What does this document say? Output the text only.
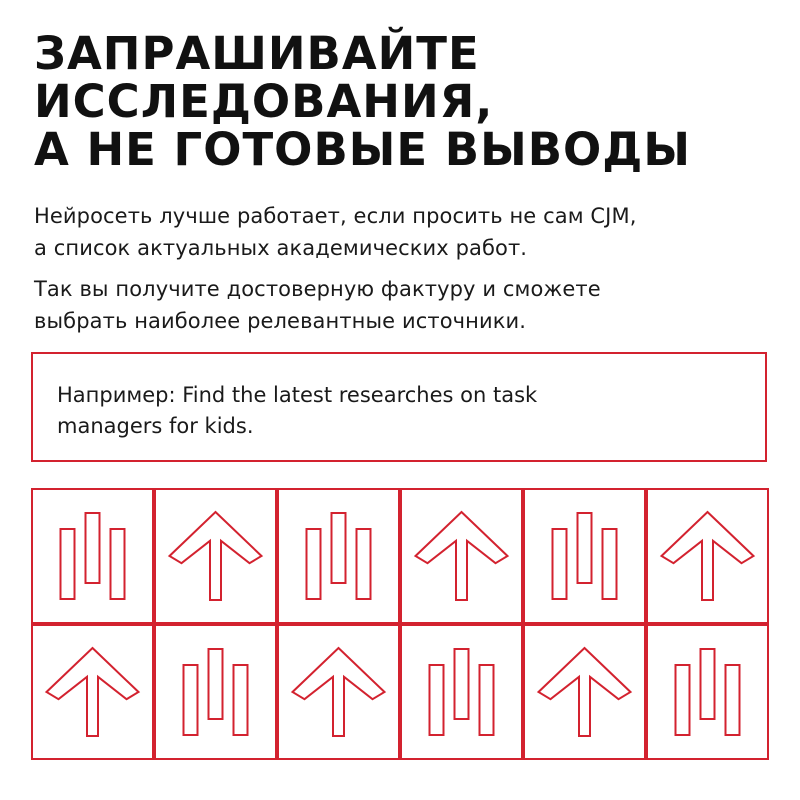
ЗАПРАШИВАЙТЕ
ИССЛЕДОВАНИЯ,
А НЕ ГОТОВЫЕ ВЫВОДЫ
Нейросеть лучше работает, если просить не сам CJM,
а список актуальных академических работ.
Так вы получите достоверную фактуру и сможете
выбрать наиболее релевантные источники.
Например: Find the latest researches on task
managers for kids.
